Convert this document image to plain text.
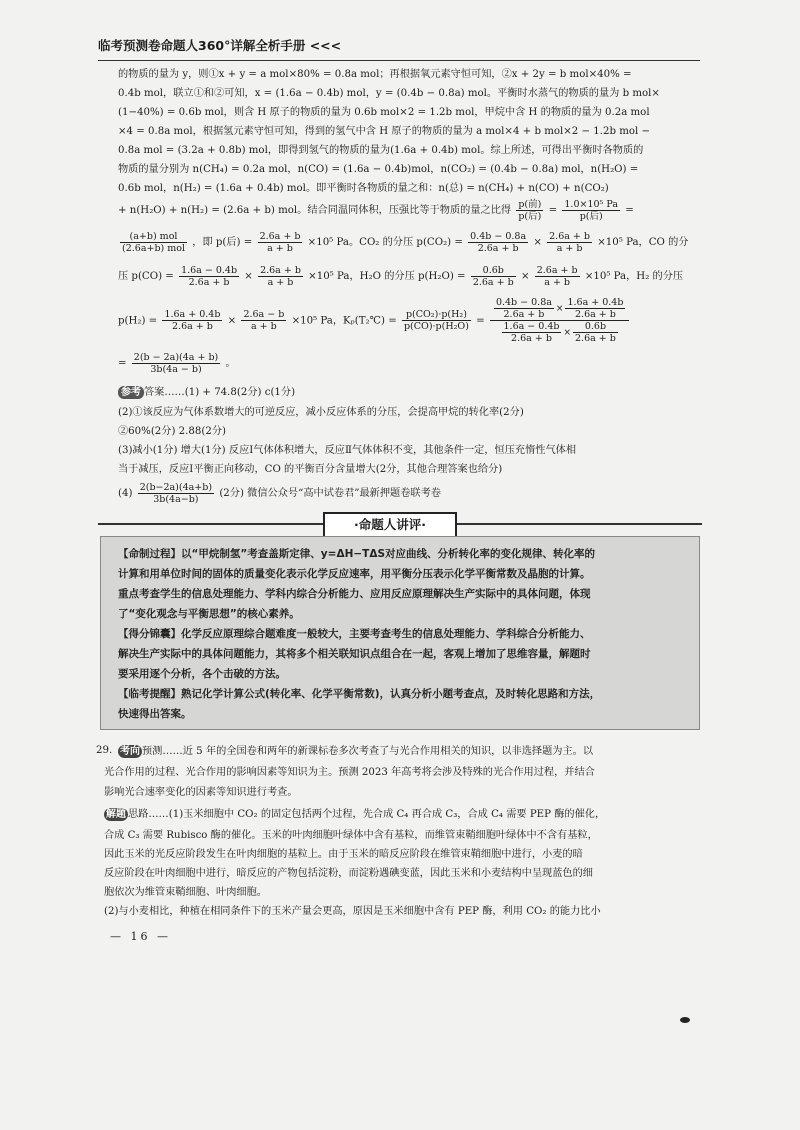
临考预测卷命题人360°详解全析手册 <<<
的物质的量为 y，则①x + y = a mol×80% = 0.8a mol；再根据氧元素守恒可知，②x + 2y = b mol×40% =
0.4b mol，联立①和②可知，x = (1.6a − 0.4b) mol，y = (0.4b − 0.8a) mol。平衡时水蒸气的物质的量为 b mol×
(1−40%) = 0.6b mol，则含 H 原子的物质的量为 0.6b mol×2 = 1.2b mol，甲烷中含 H 的物质的量为 0.2a mol
×4 = 0.8a mol，根据氢元素守恒可知，得到的氢气中含 H 原子的物质的量为 a mol×4 + b mol×2 − 1.2b mol −
0.8a mol = (3.2a + 0.8b) mol，即得到氢气的物质的量为(1.6a + 0.4b) mol。综上所述，可得出平衡时各物质的
物质的量分别为 n(CH₄) = 0.2a mol，n(CO) = (1.6a − 0.4b)mol，n(CO₂) = (0.4b − 0.8a) mol，n(H₂O) =
0.6b mol，n(H₂) = (1.6a + 0.4b) mol。即平衡时各物质的量之和：n(总) = n(CH₄) + n(CO) + n(CO₂)
+ n(H₂O) + n(H₂) = (2.6a + b) mol。结合同温同体积，压强比等于物质的量之比得 $\frac{\text{p(前)}}{\text{p(后)}} = \frac{\text{1.0×10⁵ Pa}}{\text{p(后)}}$ =
$\frac{\text{(a+b) mol}}{\text{(2.6a+b) mol}}$ ，即 p(后) = $\frac{2.6a + b}{a + b} \times 10^5$ Pa。CO₂ 的分压 $p(CO_2) = \frac{0.4b - 0.8a}{2.6a + b} \times \frac{2.6a + b}{a + b} \times 10^5$ Pa，CO 的分
压 $p(CO) = \frac{1.6a - 0.4b}{2.6a + b} \times \frac{2.6a + b}{a + b} \times 10^5$ Pa，H₂O 的分压 $p(H_2O) = \frac{0.6b}{2.6a + b} \times \frac{2.6a + b}{a + b} \times 10^5$ Pa，H₂ 的分压
$p(H_2) = \frac{1.6a + 0.4b}{2.6a + b} \times \frac{2.6a - b}{a + b} \times 10^5$ Pa，Kₚ(T₂℃) = $\frac{\text{p(CO₂)·p(H₂)}}{\text{p(CO)·p(H₂O)}} = \frac{\frac{0.4b - 0.8a}{2.6a + b} \times \frac{1.6a + 0.4b}{2.6a + b}}{\frac{1.6a - 0.4b}{2.6a + b} \times \frac{0.6b}{2.6a + b}}$
= $\frac{2(b - 2a)(4a + b)}{3b(4a - b)}$ 。
参考 答案……(1) + 74.8(2分) c(1分)
(2)①该反应为气体系数增大的可逆反应，减小反应体系的分压，会提高甲烷的转化率(2分)
②60%(2分) 2.88(2分)
(3)减小(1分) 增大(1分) 反应Ⅰ气体体积增大，反应Ⅱ气体体积不变，其他条件一定，恒压充惰性气体相
当于减压，反应Ⅰ平衡正向移动，CO 的平衡百分含量增大(2分，其他合理答案也给分)
$(4) \frac{2(b-2a)(4a+b)}{3b(4a-b)} (2$分) 微信公众号“高中试卷君”最新押题卷联考卷
·命题人讲评·
【命制过程】以“甲烷制氢”考查盖斯定律、y=ΔH−TΔS对应曲线、分析转化率的变化规律、转化率的
计算和用单位时间的固体的质量变化表示化学反应速率，用平衡分压表示化学平衡常数及晶胞的计算。
重点考查学生的信息处理能力、学科内综合分析能力、应用反应原理解决生产实际中的具体问题，体现
了“变化观念与平衡思想”的核心素养。
【得分锦囊】化学反应原理综合题难度一般较大，主要考查考生的信息处理能力、学科综合分析能力、
解决生产实际中的具体问题能力，其将多个相关联知识点组合在一起，客观上增加了思维容量，解题时
要采用逐个分析，各个击破的方法。
【临考提醒】熟记化学计算公式(转化率、化学平衡常数)，认真分析小题考查点，及时转化思路和方法，
快速得出答案。
29. 考向 预测……近 5 年的全国卷和两年的新课标卷多次考查了与光合作用相关的知识，以非选择题为主。以
光合作用的过程、光合作用的影响因素等知识为主。预测 2023 年高考将会涉及特殊的光合作用过程，并结合
影响光合速率变化的因素等知识进行考查。
解题 思路……(1)玉米细胞中 CO₂ 的固定包括两个过程，先合成 C₄ 再合成 C₃，合成 C₄ 需要 PEP 酶的催化，
合成 C₃ 需要 Rubisco 酶的催化。玉米的叶肉细胞叶绿体中含有基粒，而维管束鞘细胞叶绿体中不含有基粒，
因此玉米的光反应阶段发生在叶肉细胞的基粒上。由于玉米的暗反应阶段在维管束鞘细胞中进行，小麦的暗
反应阶段在叶肉细胞中进行，暗反应的产物包括淀粉，而淀粉遇碘变蓝，因此玉米和小麦结构中呈现蓝色的细
胞依次为维管束鞘细胞、叶肉细胞。
(2)与小麦相比，种植在相同条件下的玉米产量会更高，原因是玉米细胞中含有 PEP 酶，利用 CO₂ 的能力比小
— 16 —
